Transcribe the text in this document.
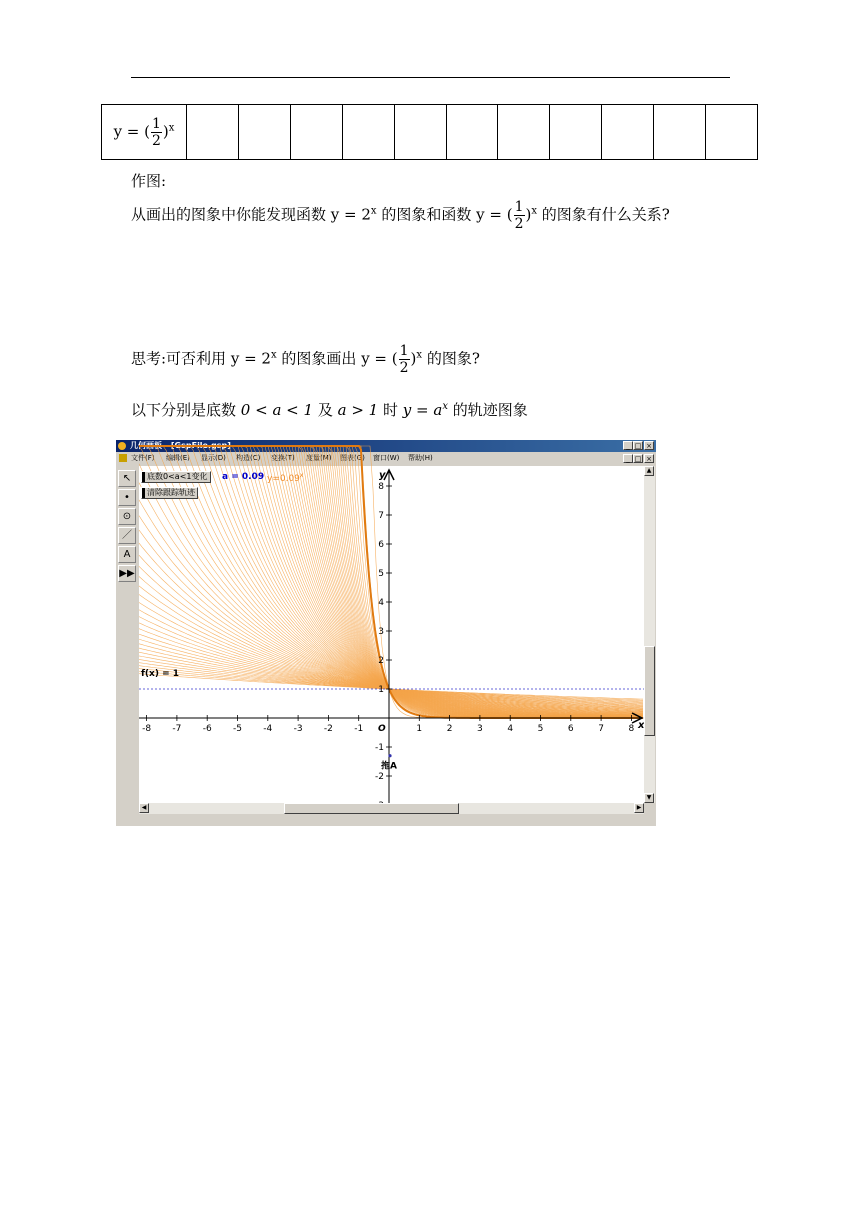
y = ( $\frac{1}{2} )^x$											
作图:
从画出的图象中你能发现函数 $y = 2^x$ 的图象和函数 y = ( $\frac{1}{2} )^x$ 的图象有什么关系?
思考:可否利用 $y = 2^x$ 的图象画出 y = ( $\frac{1}{2} )^x$ 的图象?
以下分别是底数 0 < a < 1 及 a > 1 时 $y = a^x$ 的轨迹图象
几何画板 - [GspFile.gsp]	_ □ ×
文件(F) 编辑(E) 显示(D) 构造(C) 变换(T) 度量(M) 图表(G) 窗口(W) 帮助(H)	_ □ ×
↖
•
⊙
／
A
▶▶
-8 -7 -6 -5 -4 -3 -2 -1	1	2	3	4	5	6	7	8
8
7
6
5
4
3
2
1
-1
-2
x
y
O
拖A
底数0<a<1变化
清除跟踪轨迹
a = 0.09 $y=0.09^x$
f(x) = 1
▲
▼
◀	▶
